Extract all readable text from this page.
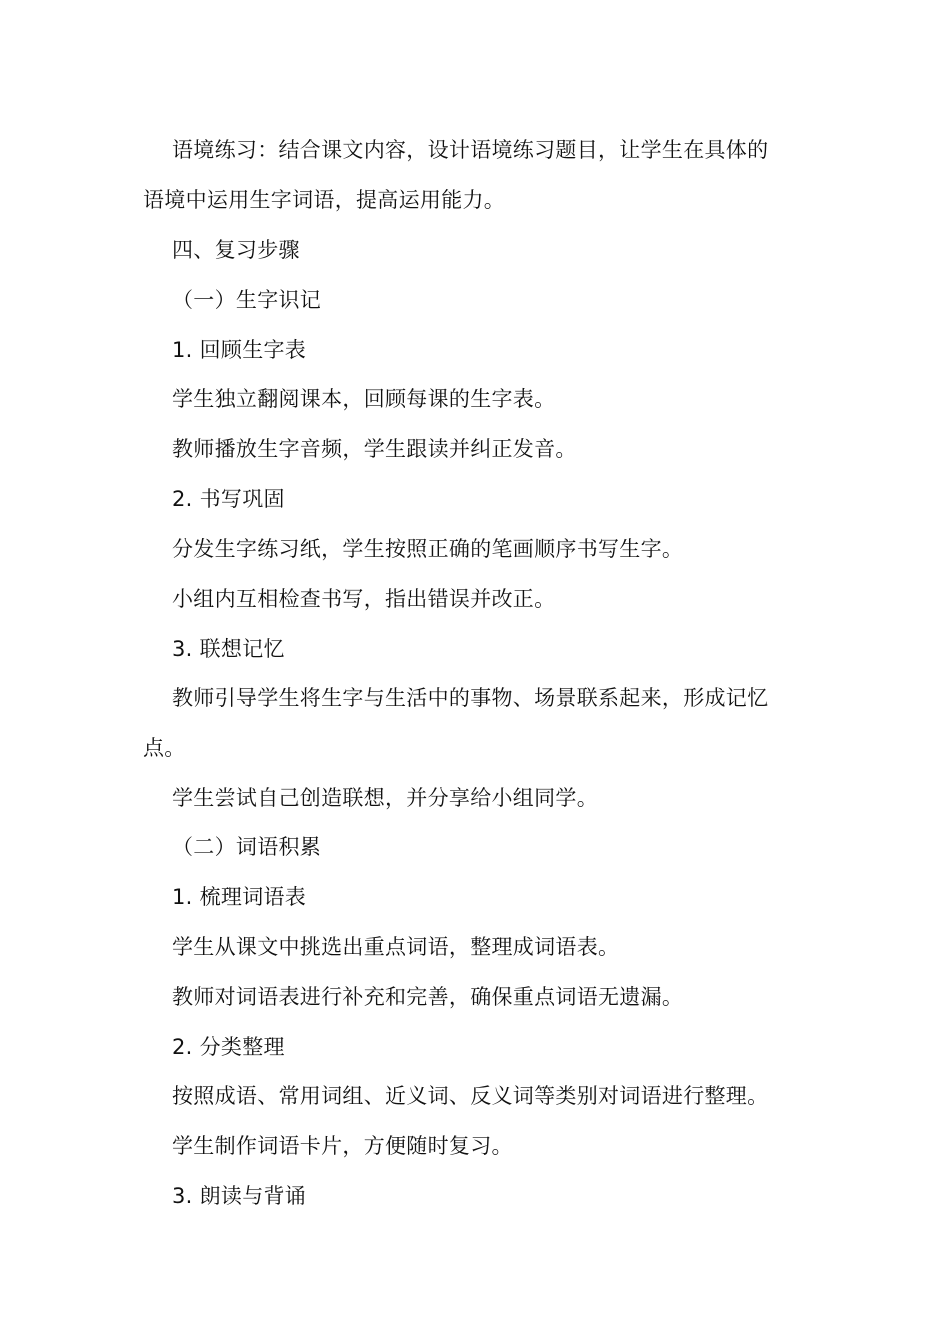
语境练习：结合课文内容，设计语境练习题目，让学生在具体的
语境中运用生字词语，提高运用能力。
四、复习步骤
（一）生字识记
1. 回顾生字表
学生独立翻阅课本，回顾每课的生字表。
教师播放生字音频，学生跟读并纠正发音。
2. 书写巩固
分发生字练习纸，学生按照正确的笔画顺序书写生字。
小组内互相检查书写，指出错误并改正。
3. 联想记忆
教师引导学生将生字与生活中的事物、场景联系起来，形成记忆
点。
学生尝试自己创造联想，并分享给小组同学。
（二）词语积累
1. 梳理词语表
学生从课文中挑选出重点词语，整理成词语表。
教师对词语表进行补充和完善，确保重点词语无遗漏。
2. 分类整理
按照成语、常用词组、近义词、反义词等类别对词语进行整理。
学生制作词语卡片，方便随时复习。
3. 朗读与背诵
